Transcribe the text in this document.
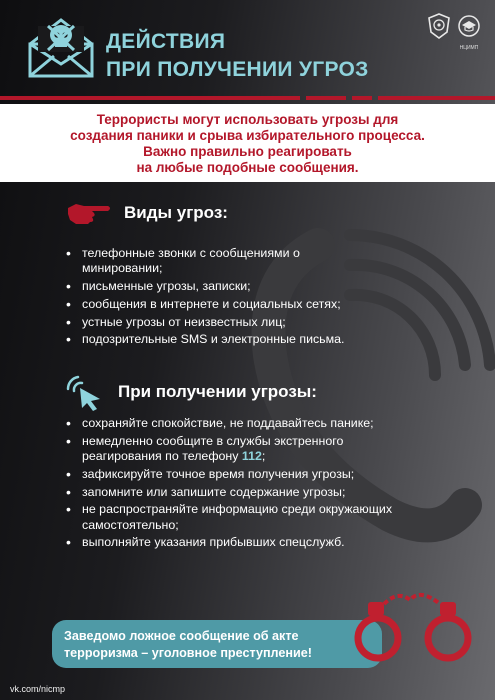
ДЕЙСТВИЯ
ПРИ ПОЛУЧЕНИИ УГРОЗ
НЦИМП
Террористы могут использовать угрозы для
создания паники и срыва избирательного процесса.
Важно правильно реагировать
на любые подобные сообщения.
Виды угроз:
• телефонные звонки с сообщениями о минировании;
• письменные угрозы, записки;
• сообщения в интернете и социальных сетях;
• устные угрозы от неизвестных лиц;
• подозрительные SMS и электронные письма.
При получении угрозы:
• сохраняйте спокойствие, не поддавайтесь панике;
• немедленно сообщите в службы экстренного реагирования по телефону 112;
• зафиксируйте точное время получения угрозы;
• запомните или запишите содержание угрозы;
• не распространяйте информацию среди окружающих самостоятельно;
• выполняйте указания прибывших спецслужб.
Заведомо ложное сообщение об акте
терроризма – уголовное преступление!
vk.com/nicmp
